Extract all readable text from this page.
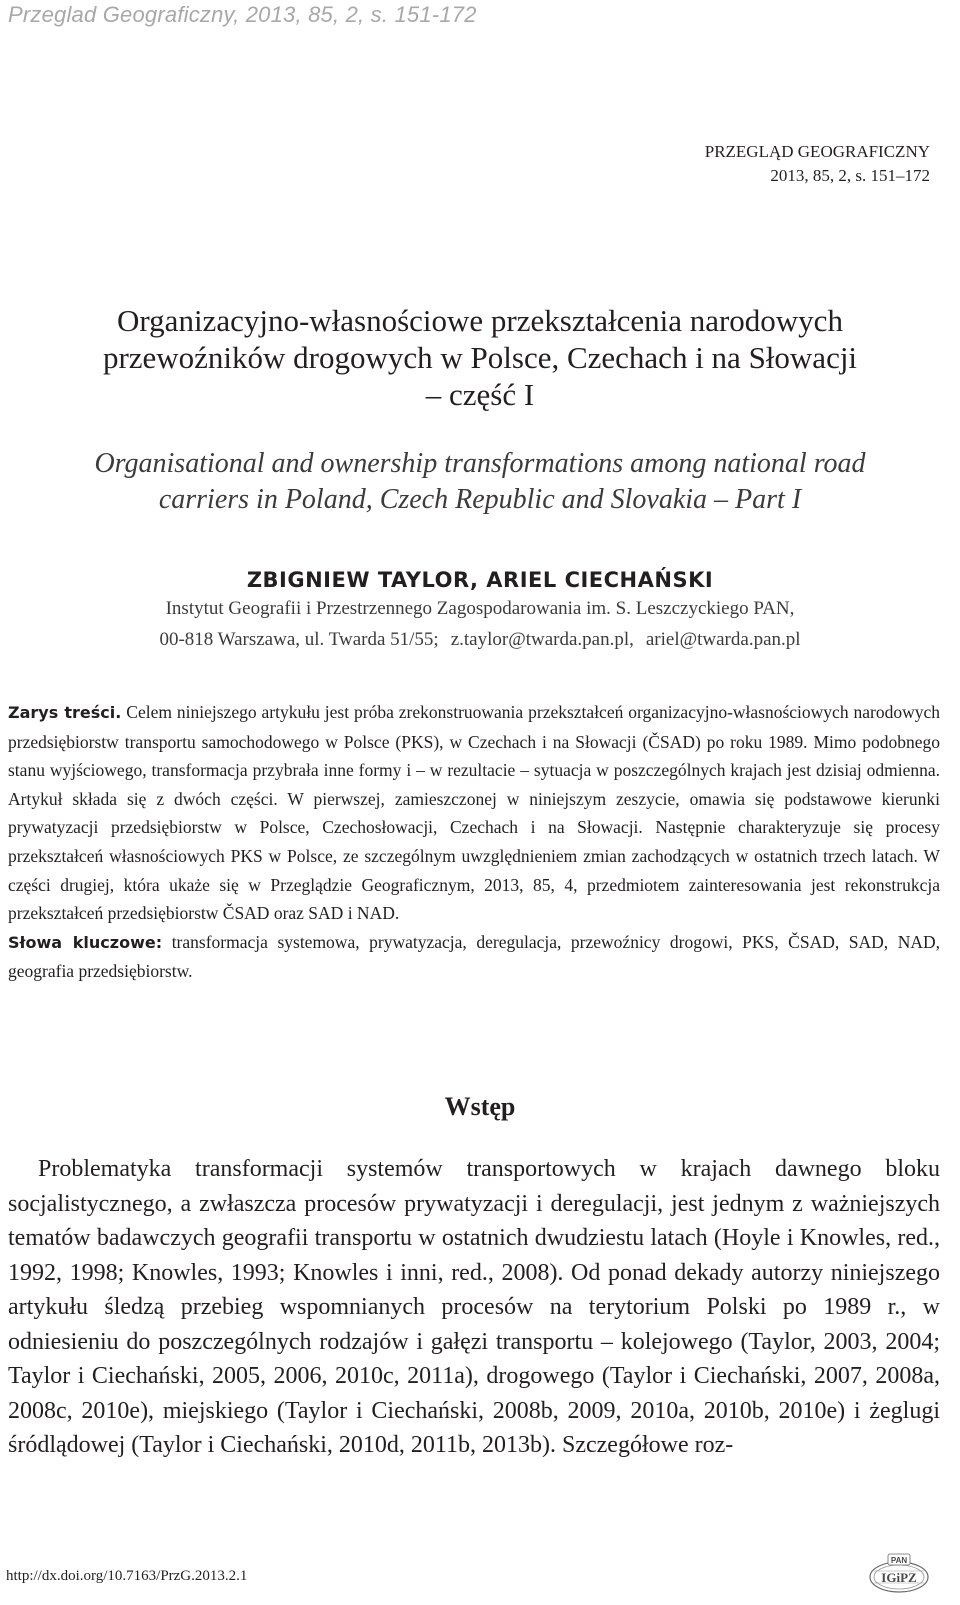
Przeglad Geograficzny, 2013, 85, 2, s. 151-172
PRZEGLĄD GEOGRAFICZNY
2013, 85, 2, s. 151–172
Organizacyjno-własnościowe przekształcenia narodowych
przewoźników drogowych w Polsce, Czechach i na Słowacji
– część I
Organisational and ownership transformations among national road
carriers in Poland, Czech Republic and Slovakia – Part I
ZBIGNIEW TAYLOR, ARIEL CIECHAŃSKI
Instytut Geografii i Przestrzennego Zagospodarowania im. S. Leszczyckiego PAN,
00-818 Warszawa, ul. Twarda 51/55; z.taylor@twarda.pan.pl, ariel@twarda.pan.pl

Zarys treści. Celem niniejszego artykułu jest próba zrekonstruowania przekształceń organizacyjno-własnościowych narodowych przedsiębiorstw transportu samochodowego w Polsce (PKS), w Czechach i na Słowacji (ČSAD) po roku 1989. Mimo podobnego stanu wyjściowego, transformacja przybrała inne formy i – w rezultacie – sytuacja w poszczególnych krajach jest dzisiaj odmienna. Artykuł składa się z dwóch części. W pierwszej, zamieszczonej w niniejszym zeszycie, omawia się podstawowe kierunki prywatyzacji przedsiębiorstw w Polsce, Czechosłowacji, Czechach i na Słowacji. Następnie charakteryzuje się procesy przekształceń własnościowych PKS w Polsce, ze szczególnym uwzględnieniem zmian zachodzących w ostatnich trzech latach. W części drugiej, która ukaże się w Przeglądzie Geograficznym, 2013, 85, 4, przedmiotem zainteresowania jest rekonstrukcja przekształceń przedsiębiorstw ČSAD oraz SAD i NAD.

Słowa kluczowe: transformacja systemowa, prywatyzacja, deregulacja, przewoźnicy drogowi, PKS, ČSAD, SAD, NAD, geografia przedsiębiorstw.

Wstęp

Problematyka transformacji systemów transportowych w krajach dawnego bloku socjalistycznego, a zwłaszcza procesów prywatyzacji i deregulacji, jest jednym z ważniejszych tematów badawczych geografii transportu w ostatnich dwudziestu latach (Hoyle i Knowles, red., 1992, 1998; Knowles, 1993; Knowles i inni, red., 2008). Od ponad dekady autorzy niniejszego artykułu śledzą przebieg wspomnianych procesów na terytorium Polski po 1989 r., w odniesieniu do poszczególnych rodzajów i gałęzi transportu – kolejowego (Taylor, 2003, 2004; Taylor i Ciechański, 2005, 2006, 2010c, 2011a), drogowego (Taylor i Ciechański, 2007, 2008a, 2008c, 2010e), miejskiego (Taylor i Ciechański, 2008b, 2009, 2010a, 2010b, 2010e) i żeglugi śródlądowej (Taylor i Ciechański, 2010d, 2011b, 2013b). Szczegółowe roz-

http://dx.doi.org/10.7163/PrzG.2013.2.1
PAN
IGiPZ
